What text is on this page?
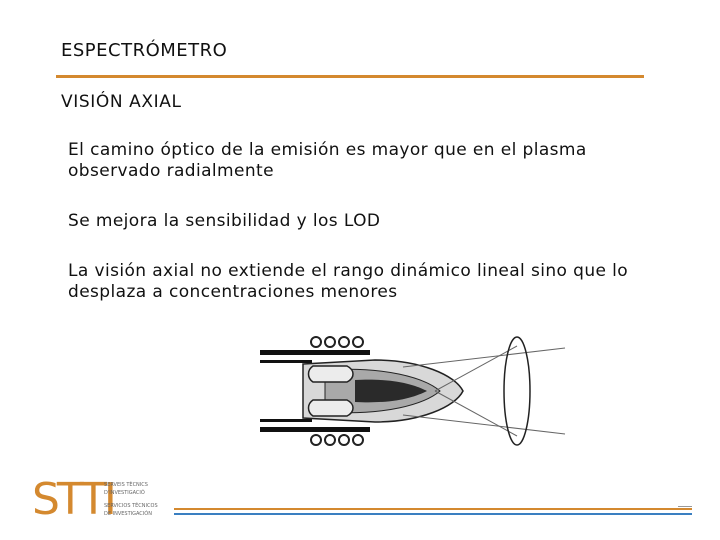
ESPECTRÓMETRO
VISIÓN AXIAL
El camino óptico de la emisión es mayor que en el plasma observado radialmente
Se mejora la sensibilidad y los LOD
La visión axial no extiende el rango dinámico lineal sino que lo desplaza a concentraciones menores
STTI
SERVEIS TÈCNICS
D'INVESTIGACIÓ
SERVICIOS TÉCNICOS
DE INVESTIGACIÓN
